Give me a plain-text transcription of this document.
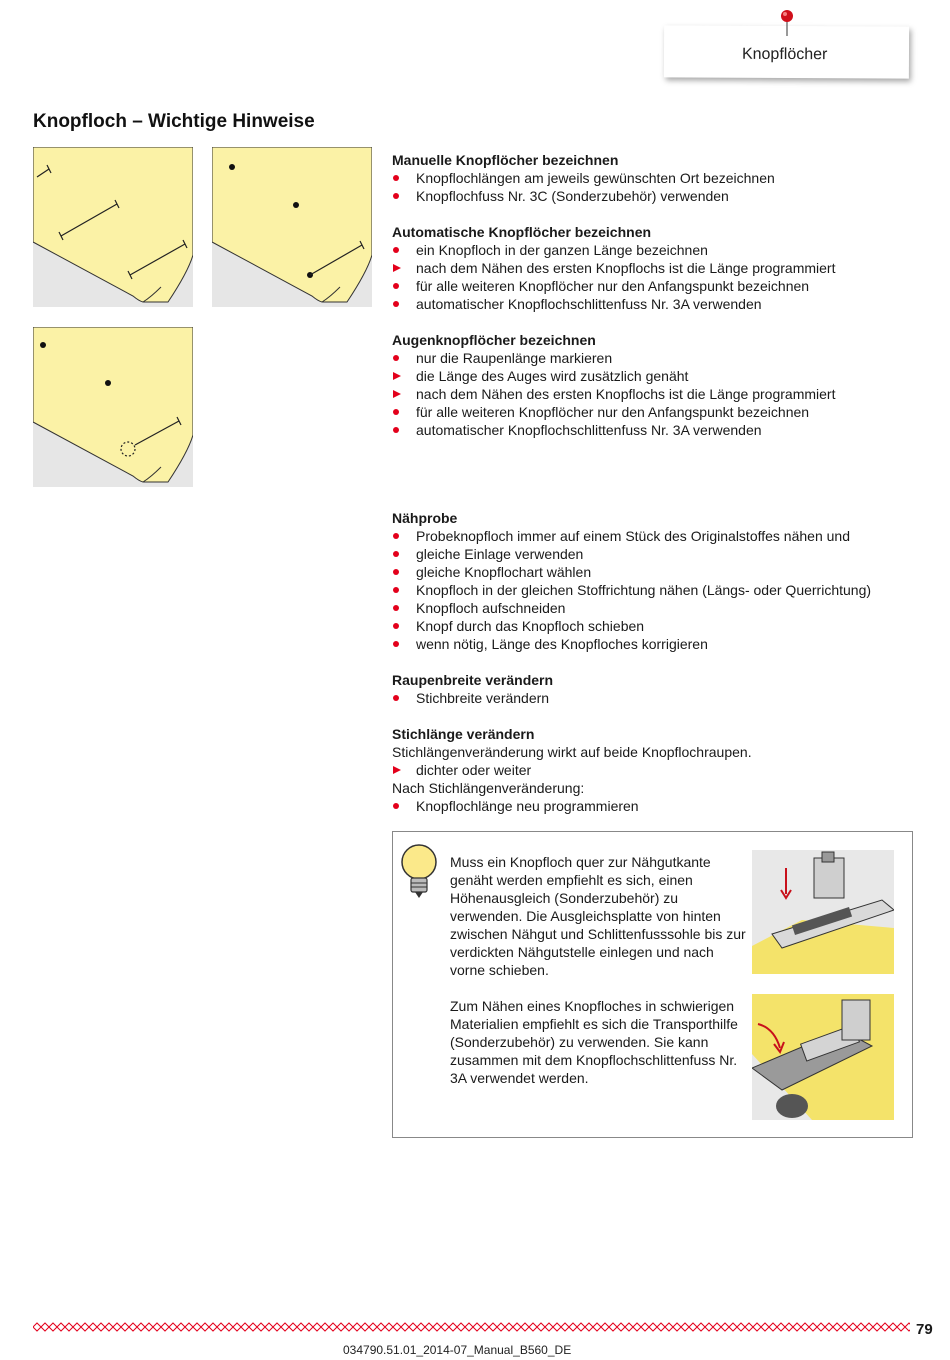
Knopflöcher
Knopfloch – Wichtige Hinweise
Manuelle Knopflöcher bezeichnen
Knopflochlängen am jeweils gewünschten Ort bezeichnen
Knopflochfuss Nr. 3C (Sonderzubehör) verwenden
Automatische Knopflöcher bezeichnen
ein Knopfloch in der ganzen Länge bezeichnen
nach dem Nähen des ersten Knopflochs ist die Länge programmiert
für alle weiteren Knopflöcher nur den Anfangspunkt bezeichnen
automatischer Knopflochschlittenfuss Nr. 3A verwenden
Augenknopflöcher bezeichnen
nur die Raupenlänge markieren
die Länge des Auges wird zusätzlich genäht
nach dem Nähen des ersten Knopflochs ist die Länge programmiert
für alle weiteren Knopflöcher nur den Anfangspunkt bezeichnen
automatischer Knopflochschlittenfuss Nr. 3A verwenden
Nähprobe
Probeknopfloch immer auf einem Stück des Originalstoffes nähen und
gleiche Einlage verwenden
gleiche Knopflochart wählen
Knopfloch in der gleichen Stoffrichtung nähen (Längs- oder Querrichtung)
Knopfloch aufschneiden
Knopf durch das Knopfloch schieben
wenn nötig, Länge des Knopfloches korrigieren
Raupenbreite verändern
Stichbreite verändern
Stichlänge verändern

Stichlängenveränderung wirkt auf beide Knopflochraupen.

dichter oder weiter

Nach Stichlängenveränderung:

Knopflochlänge neu programmieren
Muss ein Knopfloch quer zur Nähgutkante genäht werden empfiehlt es sich, einen Höhenausgleich (Sonderzubehör) zu verwenden. Die Ausgleichsplatte von hinten zwischen Nähgut und Schlittenfusssohle bis zur verdickten Nähgutstelle einlegen und nach vorne schieben.
Zum Nähen eines Knopfloches in schwierigen Materialien empfiehlt es sich die Transporthilfe (Sonderzubehör) zu verwenden. Sie kann zusammen mit dem Knopflochschlittenfuss Nr. 3A verwendet werden.
79
034790.51.01_2014-07_Manual_B560_DE
